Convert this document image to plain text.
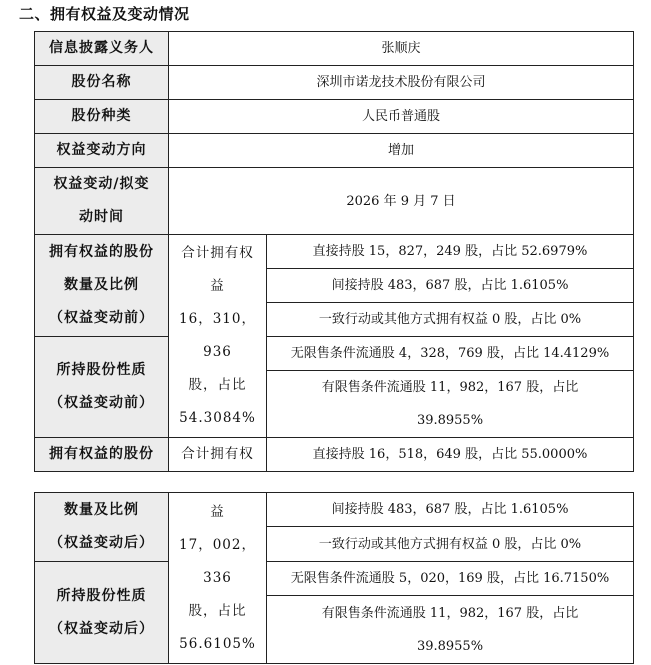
二、拥有权益及变动情况
信息披露义务人	张顺庆	
股份名称	深圳市诺龙技术股份有限公司	
股份种类	人民币普通股	
权益变动方向	增加	

权益变动/拟变
动时间	2026 年 9 月 7 日	

拥有权益的股份
数量及比例
（权益变动前）	合计拥有权
益
16，310，936
股，占比
54.3084%	直接持股 15，827，249 股，占比 52.6979%
		间接持股 483，687 股，占比 1.6105%
		一致行动或其他方式拥有权益 0 股，占比 0%

所持股份性质
（权益变动前）		无限售条件流通股 4，328，769 股，占比 14.4129%

		有限售条件流通股 11，982，167 股，占比
39.8955%

拥有权益的股份	合计拥有权	直接持股 16，518，649 股，占比 55.0000%
数量及比例
（权益变动后）	益
17，002，336
股，占比
56.6105%	间接持股 483，687 股，占比 1.6105%
		一致行动或其他方式拥有权益 0 股，占比 0%

所持股份性质
（权益变动后）		无限售条件流通股 5，020，169 股，占比 16.7150%

		有限售条件流通股 11，982，167 股，占比
39.8955%
